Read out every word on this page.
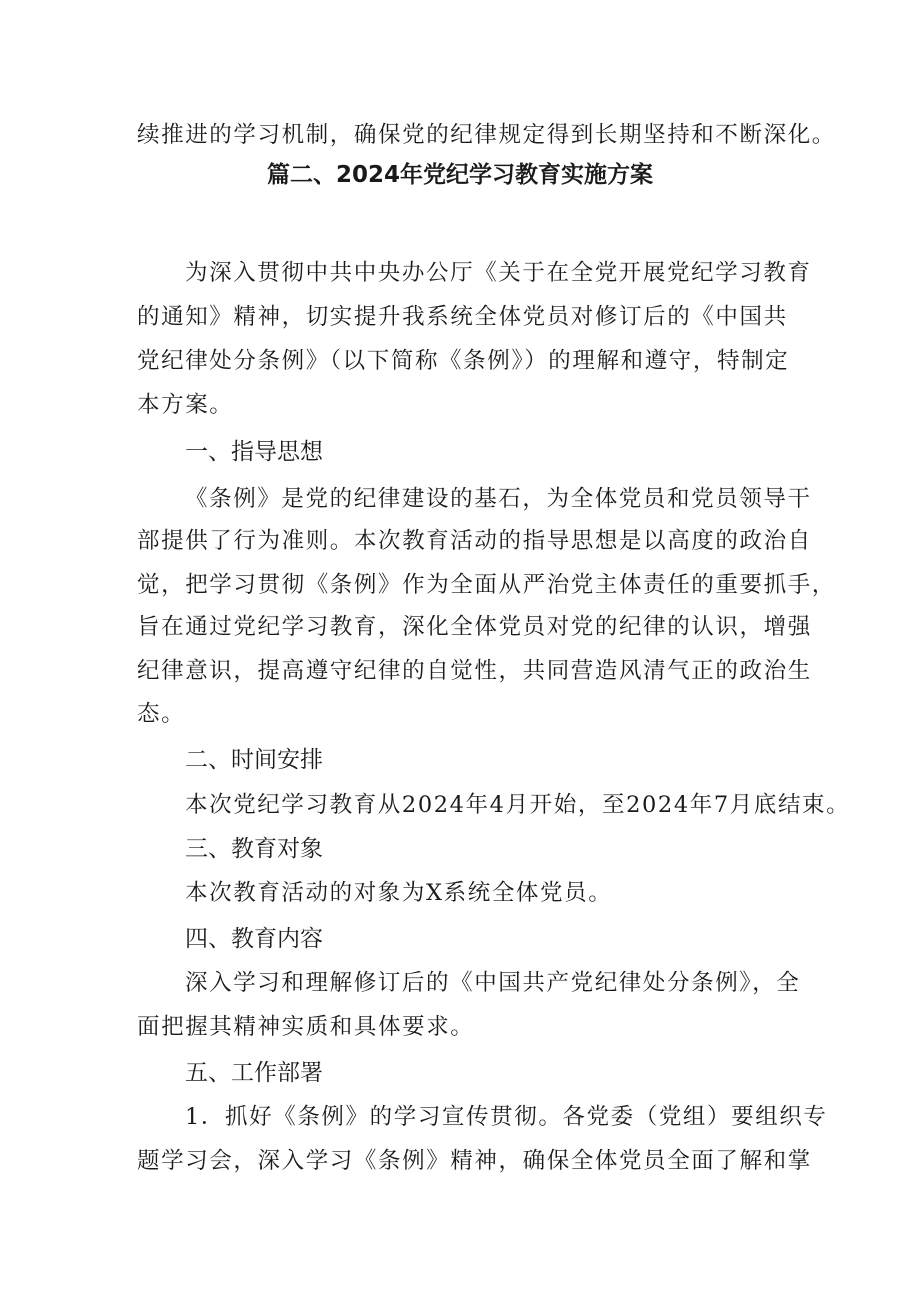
续推进的学习机制，确保党的纪律规定得到长期坚持和不断深化。

篇二、2024年党纪学习教育实施方案

为深入贯彻中共中央办公厅《关于在全党开展党纪学习教育

的通知》精神，切实提升我系统全体党员对修订后的《中国共

党纪律处分条例》（以下简称《条例》）的理解和遵守，特制定

本方案。

一、指导思想

《条例》是党的纪律建设的基石，为全体党员和党员领导干

部提供了行为准则。本次教育活动的指导思想是以高度的政治自

觉，把学习贯彻《条例》作为全面从严治党主体责任的重要抓手，

旨在通过党纪学习教育，深化全体党员对党的纪律的认识，增强

纪律意识，提高遵守纪律的自觉性，共同营造风清气正的政治生

态。

二、时间安排

本次党纪学习教育从2024年4月开始，至2024年7月底结束。

三、教育对象

本次教育活动的对象为X系统全体党员。

四、教育内容

深入学习和理解修订后的《中国共产党纪律处分条例》，全

面把握其精神实质和具体要求。

五、工作部署

1．抓好《条例》的学习宣传贯彻。各党委（党组）要组织专

题学习会，深入学习《条例》精神，确保全体党员全面了解和掌
